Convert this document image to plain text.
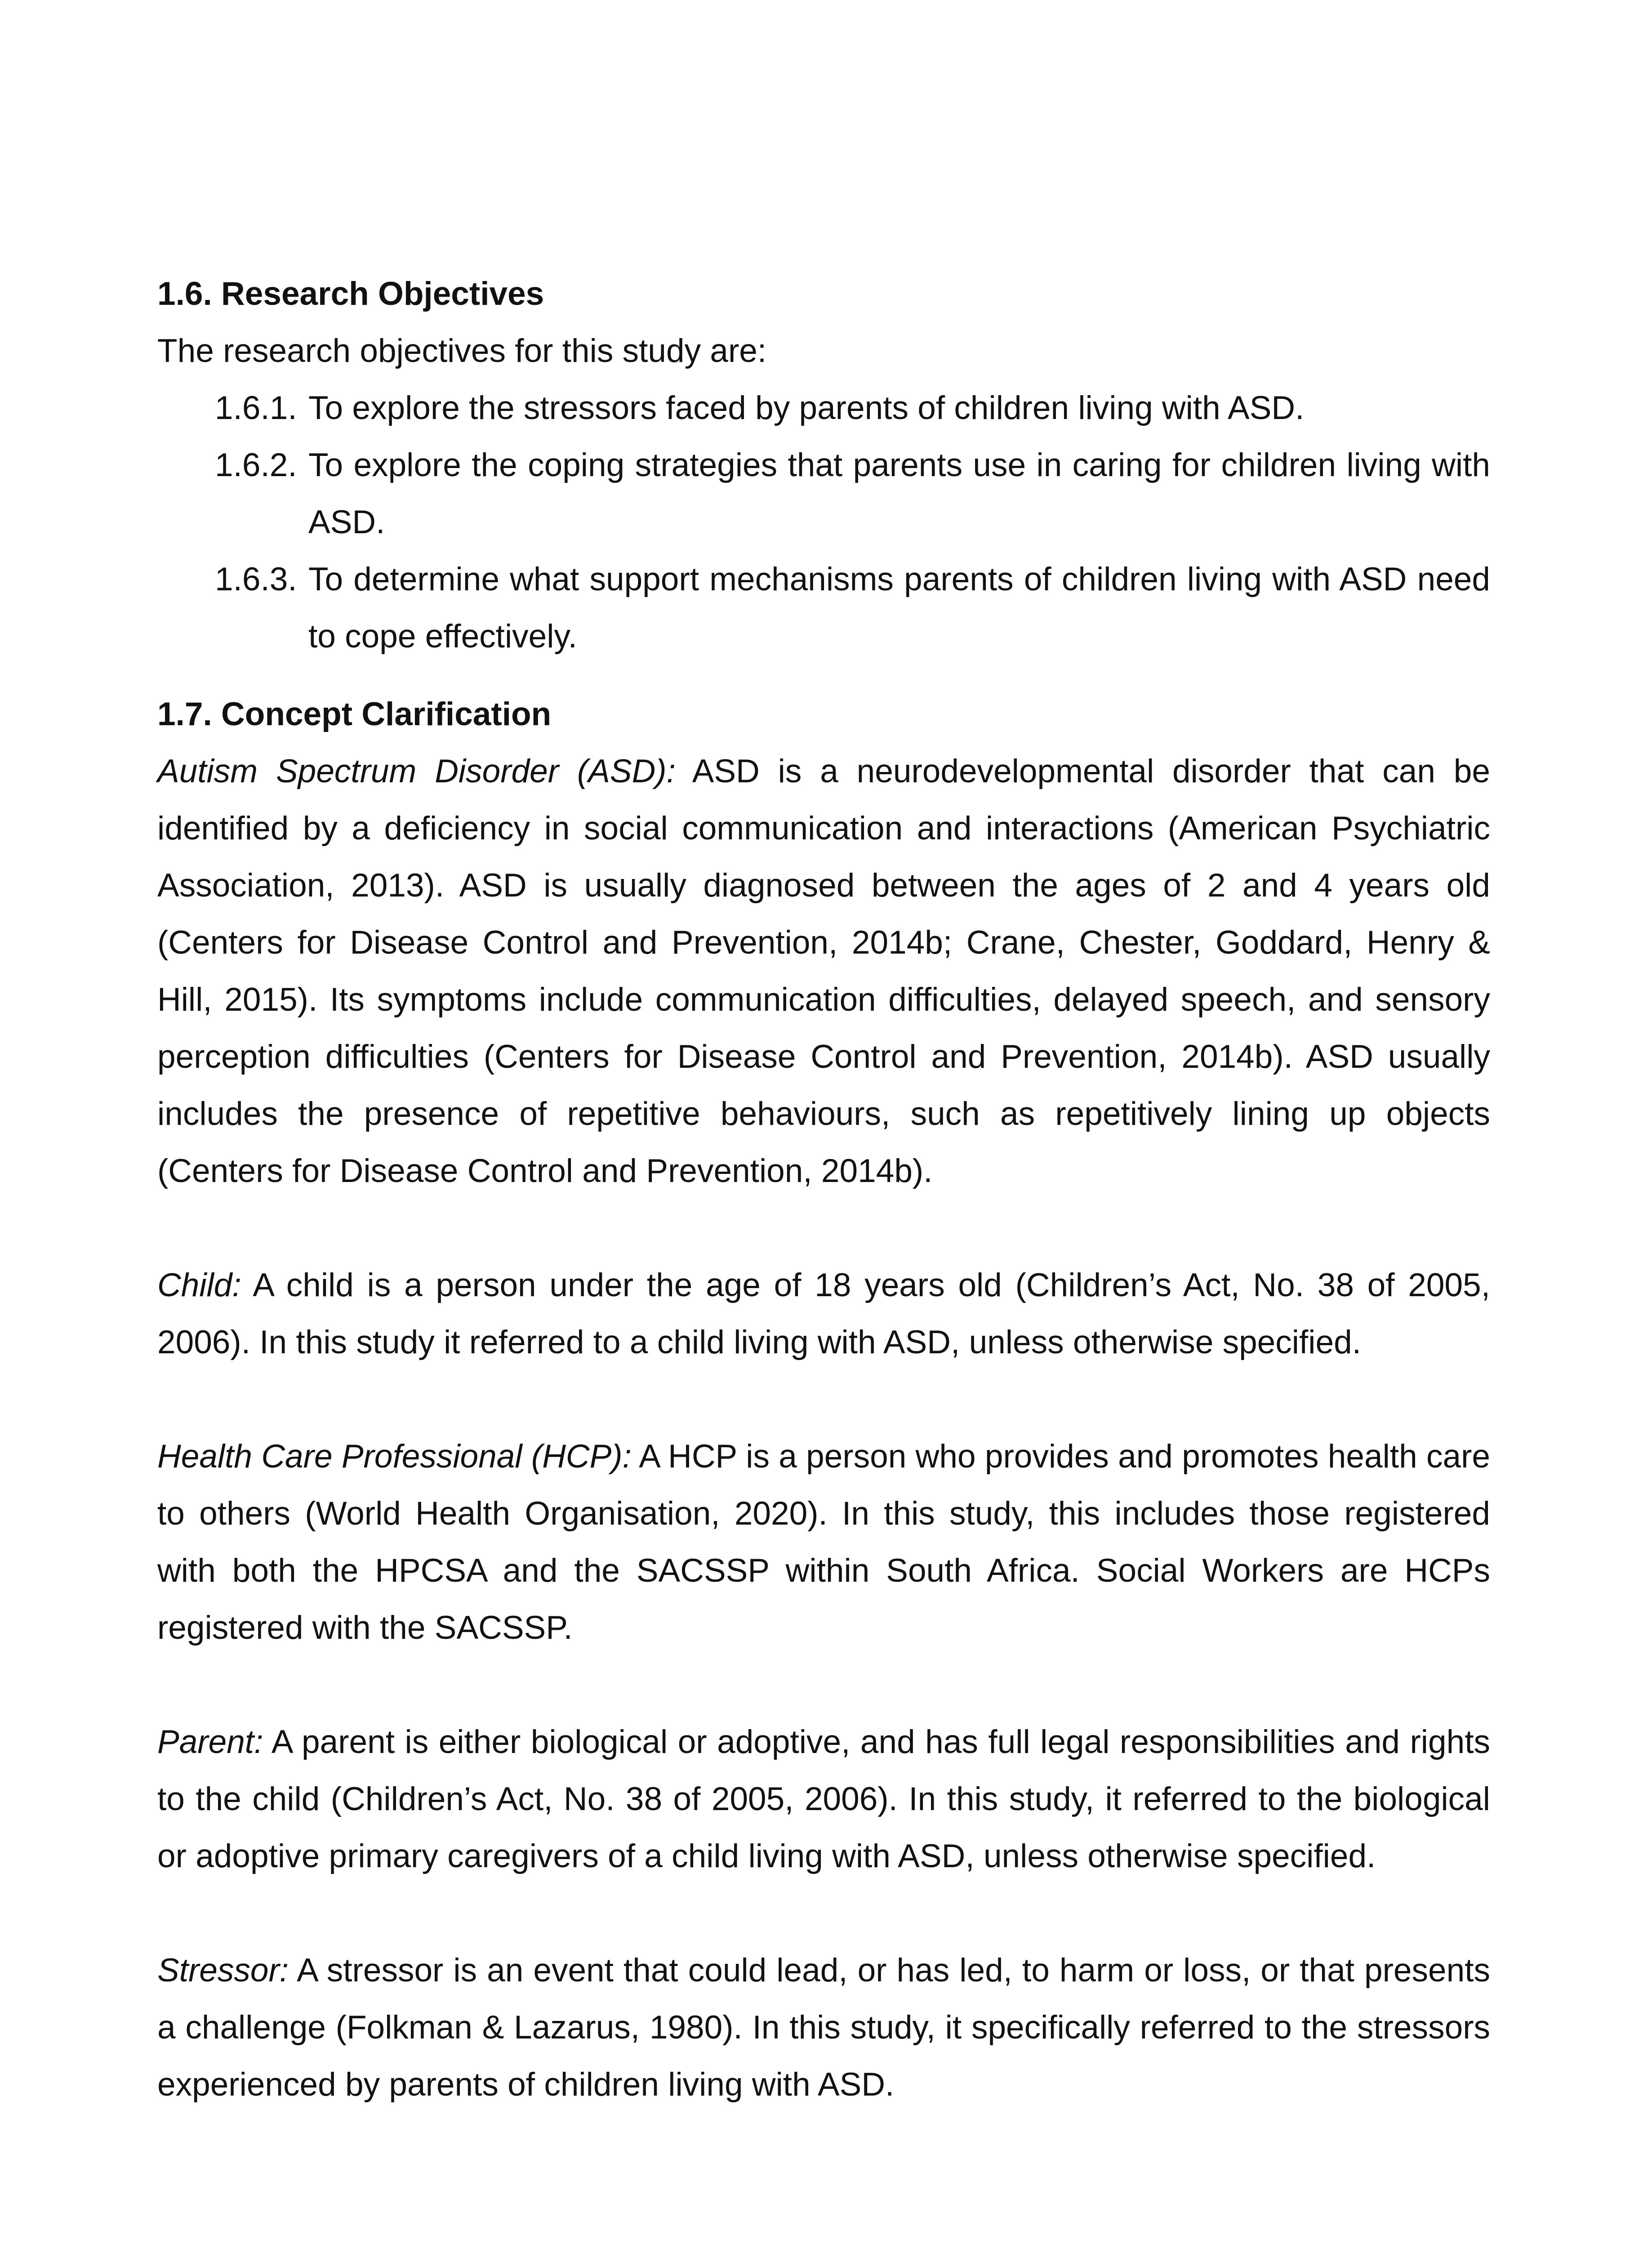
1.6. Research Objectives

The research objectives for this study are:

1.6.1. To explore the stressors faced by parents of children living with ASD.
1.6.2. To explore the coping strategies that parents use in caring for children living with ASD.
1.6.3. To determine what support mechanisms parents of children living with ASD need to cope effectively.

1.7. Concept Clarification

Autism Spectrum Disorder (ASD): ASD is a neurodevelopmental disorder that can be identified by a deficiency in social communication and interactions (American Psychiatric Association, 2013). ASD is usually diagnosed between the ages of 2 and 4 years old (Centers for Disease Control and Prevention, 2014b; Crane, Chester, Goddard, Henry & Hill, 2015). Its symptoms include communication difficulties, delayed speech, and sensory perception difficulties (Centers for Disease Control and Prevention, 2014b). ASD usually includes the presence of repetitive behaviours, such as repetitively lining up objects (Centers for Disease Control and Prevention, 2014b).

Child: A child is a person under the age of 18 years old (Children’s Act, No. 38 of 2005, 2006). In this study it referred to a child living with ASD, unless otherwise specified.

Health Care Professional (HCP): A HCP is a person who provides and promotes health care to others (World Health Organisation, 2020). In this study, this includes those registered with both the HPCSA and the SACSSP within South Africa. Social Workers are HCPs registered with the SACSSP.

Parent: A parent is either biological or adoptive, and has full legal responsibilities and rights to the child (Children’s Act, No. 38 of 2005, 2006). In this study, it referred to the biological or adoptive primary caregivers of a child living with ASD, unless otherwise specified.

Stressor: A stressor is an event that could lead, or has led, to harm or loss, or that presents a challenge (Folkman & Lazarus, 1980). In this study, it specifically referred to the stressors experienced by parents of children living with ASD.
